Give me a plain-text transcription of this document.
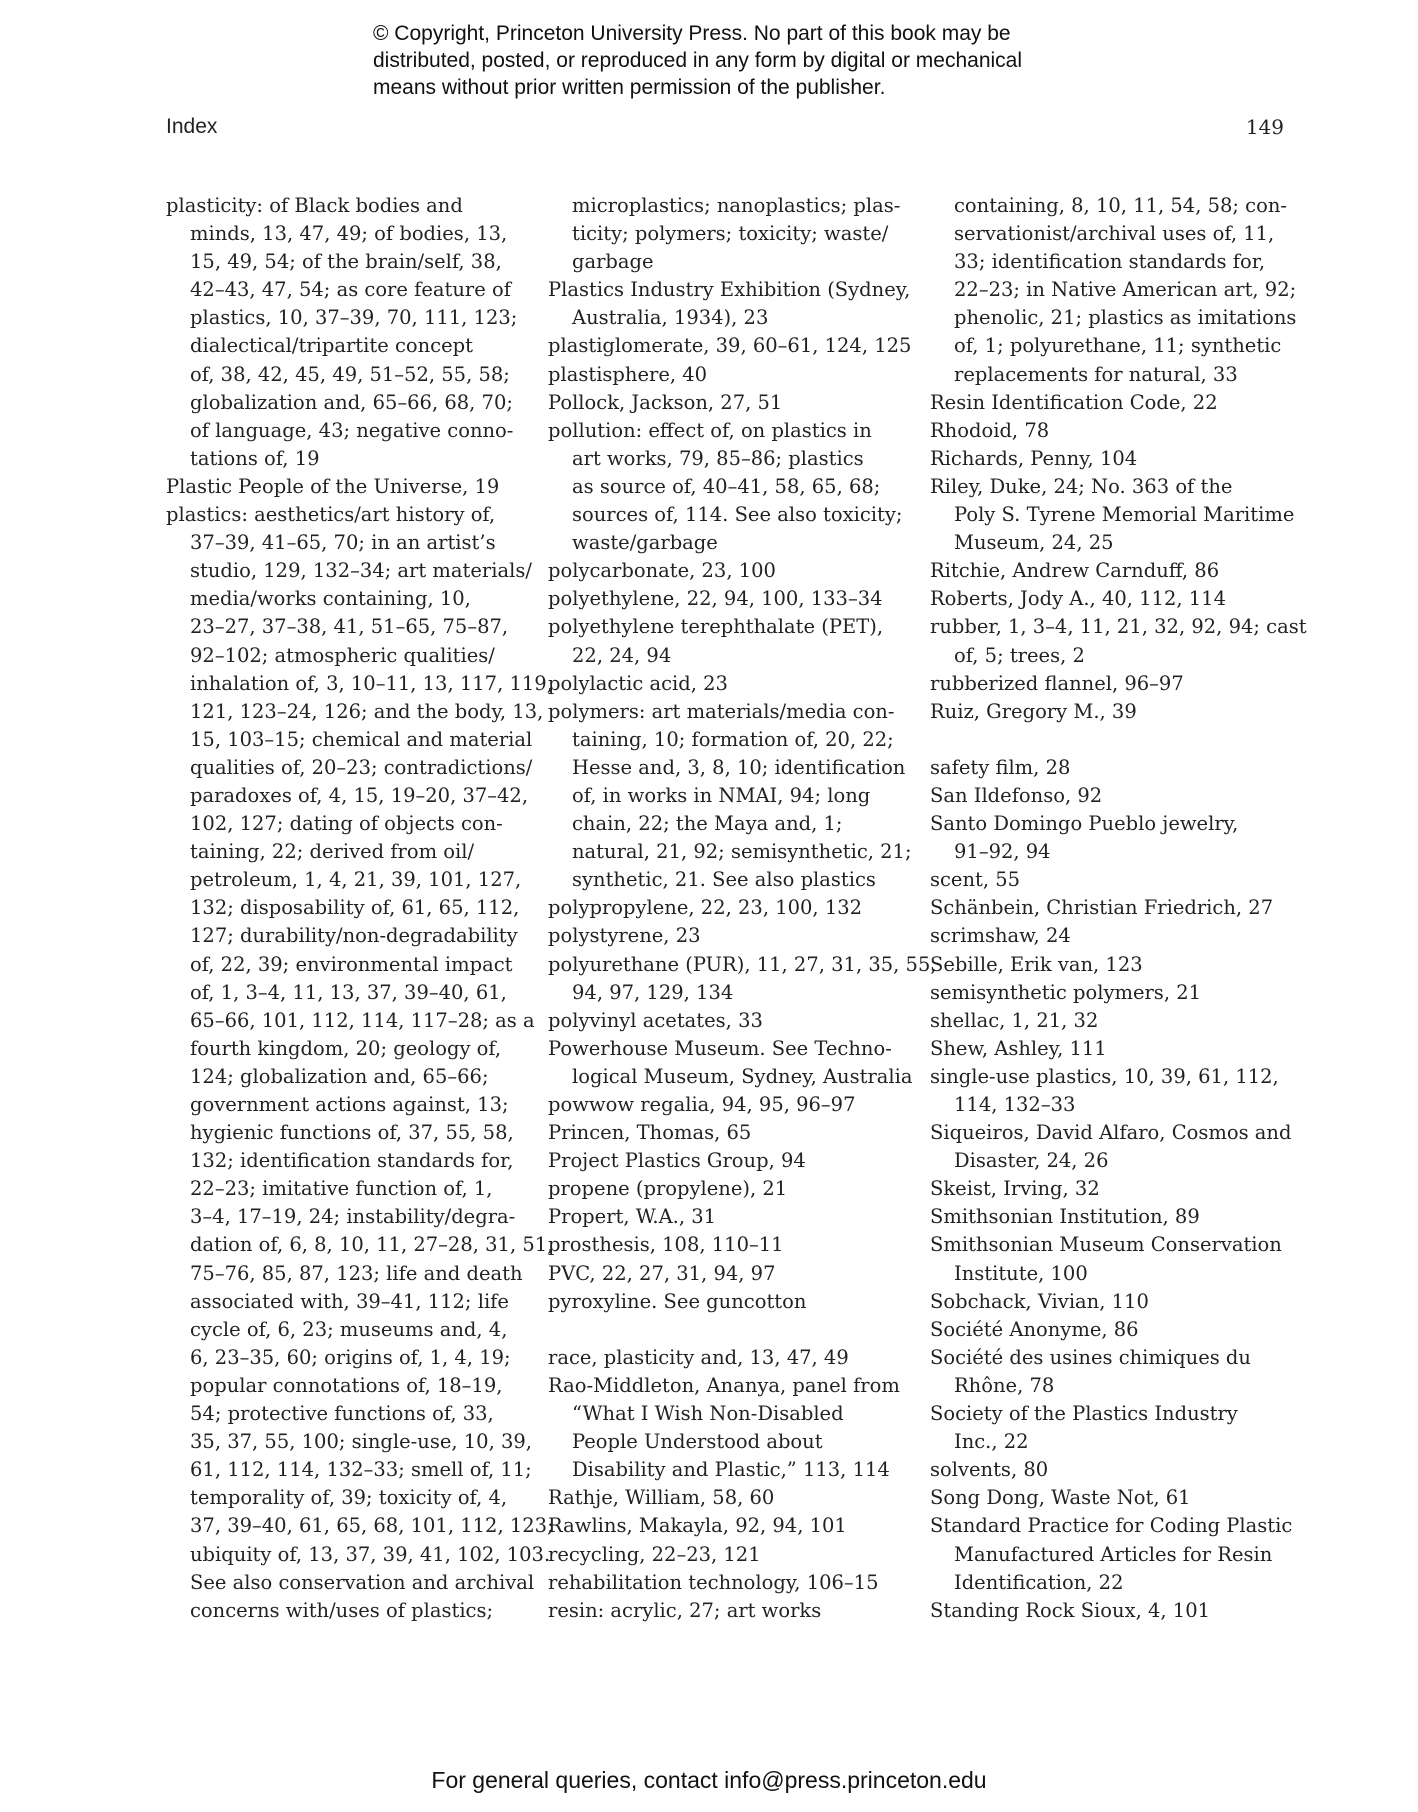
© Copyright, Princeton University Press. No part of this book may be
distributed, posted, or reproduced in any form by digital or mechanical
means without prior written permission of the publisher.
Index	149
plasticity: of Black bodies and
minds, 13, 47, 49; of bodies, 13,
15, 49, 54; of the brain/self, 38,
42–43, 47, 54; as core feature of
plastics, 10, 37–39, 70, 111, 123;
dialectical/tripartite concept
of, 38, 42, 45, 49, 51–52, 55, 58;
globalization and, 65–66, 68, 70;
of language, 43; negative conno-
tations of, 19
Plastic People of the Universe, 19
plastics: aesthetics/art history of,
37–39, 41–65, 70; in an artist’s
studio, 129, 132–34; art materials/
media/works containing, 10,
23–27, 37–38, 41, 51–65, 75–87,
92–102; atmospheric qualities/
inhalation of, 3, 10–11, 13, 117, 119,
121, 123–24, 126; and the body, 13,
15, 103–15; chemical and material
qualities of, 20–23; contradictions/
paradoxes of, 4, 15, 19–20, 37–42,
102, 127; dating of objects con-
taining, 22; derived from oil/
petroleum, 1, 4, 21, 39, 101, 127,
132; disposability of, 61, 65, 112,
127; durability/non-degradability
of, 22, 39; environmental impact
of, 1, 3–4, 11, 13, 37, 39–40, 61,
65–66, 101, 112, 114, 117–28; as a
fourth kingdom, 20; geology of,
124; globalization and, 65–66;
government actions against, 13;
hygienic functions of, 37, 55, 58,
132; identification standards for,
22–23; imitative function of, 1,
3–4, 17–19, 24; instability/degra-
dation of, 6, 8, 10, 11, 27–28, 31, 51,
75–76, 85, 87, 123; life and death
associated with, 39–41, 112; life
cycle of, 6, 23; museums and, 4,
6, 23–35, 60; origins of, 1, 4, 19;
popular connotations of, 18–19,
54; protective functions of, 33,
35, 37, 55, 100; single-use, 10, 39,
61, 112, 114, 132–33; smell of, 11;
temporality of, 39; toxicity of, 4,
37, 39–40, 61, 65, 68, 101, 112, 123;
ubiquity of, 13, 37, 39, 41, 102, 103.
See also conservation and archival
concerns with/uses of plastics;
microplastics; nanoplastics; plas-
ticity; polymers; toxicity; waste/
garbage
Plastics Industry Exhibition (Sydney,
Australia, 1934), 23
plastiglomerate, 39, 60–61, 124, 125
plastisphere, 40
Pollock, Jackson, 27, 51
pollution: effect of, on plastics in
art works, 79, 85–86; plastics
as source of, 40–41, 58, 65, 68;
sources of, 114. See also toxicity;
waste/garbage
polycarbonate, 23, 100
polyethylene, 22, 94, 100, 133–34
polyethylene terephthalate (PET),
22, 24, 94
polylactic acid, 23
polymers: art materials/media con-
taining, 10; formation of, 20, 22;
Hesse and, 3, 8, 10; identification
of, in works in NMAI, 94; long
chain, 22; the Maya and, 1;
natural, 21, 92; semisynthetic, 21;
synthetic, 21. See also plastics
polypropylene, 22, 23, 100, 132
polystyrene, 23
polyurethane (PUR), 11, 27, 31, 35, 55,
94, 97, 129, 134
polyvinyl acetates, 33
Powerhouse Museum. See Techno-
logical Museum, Sydney, Australia
powwow regalia, 94, 95, 96–97
Princen, Thomas, 65
Project Plastics Group, 94
propene (propylene), 21
Propert, W.A., 31
prosthesis, 108, 110–11
PVC, 22, 27, 31, 94, 97
pyroxyline. See guncotton
race, plasticity and, 13, 47, 49
Rao-Middleton, Ananya, panel from
“What I Wish Non-Disabled
People Understood about
Disability and Plastic,” 113, 114
Rathje, William, 58, 60
Rawlins, Makayla, 92, 94, 101
recycling, 22–23, 121
rehabilitation technology, 106–15
resin: acrylic, 27; art works
containing, 8, 10, 11, 54, 58; con-
servationist/archival uses of, 11,
33; identification standards for,
22–23; in Native American art, 92;
phenolic, 21; plastics as imitations
of, 1; polyurethane, 11; synthetic
replacements for natural, 33
Resin Identification Code, 22
Rhodoid, 78
Richards, Penny, 104
Riley, Duke, 24; No. 363 of the
Poly S. Tyrene Memorial Maritime
Museum, 24, 25
Ritchie, Andrew Carnduff, 86
Roberts, Jody A., 40, 112, 114
rubber, 1, 3–4, 11, 21, 32, 92, 94; cast
of, 5; trees, 2
rubberized flannel, 96–97
Ruiz, Gregory M., 39
safety film, 28
San Ildefonso, 92
Santo Domingo Pueblo jewelry,
91–92, 94
scent, 55
Schänbein, Christian Friedrich, 27
scrimshaw, 24
Sebille, Erik van, 123
semisynthetic polymers, 21
shellac, 1, 21, 32
Shew, Ashley, 111
single-use plastics, 10, 39, 61, 112,
114, 132–33
Siqueiros, David Alfaro, Cosmos and
Disaster, 24, 26
Skeist, Irving, 32
Smithsonian Institution, 89
Smithsonian Museum Conservation
Institute, 100
Sobchack, Vivian, 110
Société Anonyme, 86
Société des usines chimiques du
Rhône, 78
Society of the Plastics Industry
Inc., 22
solvents, 80
Song Dong, Waste Not, 61
Standard Practice for Coding Plastic
Manufactured Articles for Resin
Identification, 22
Standing Rock Sioux, 4, 101
For general queries, contact info@press.princeton.edu
